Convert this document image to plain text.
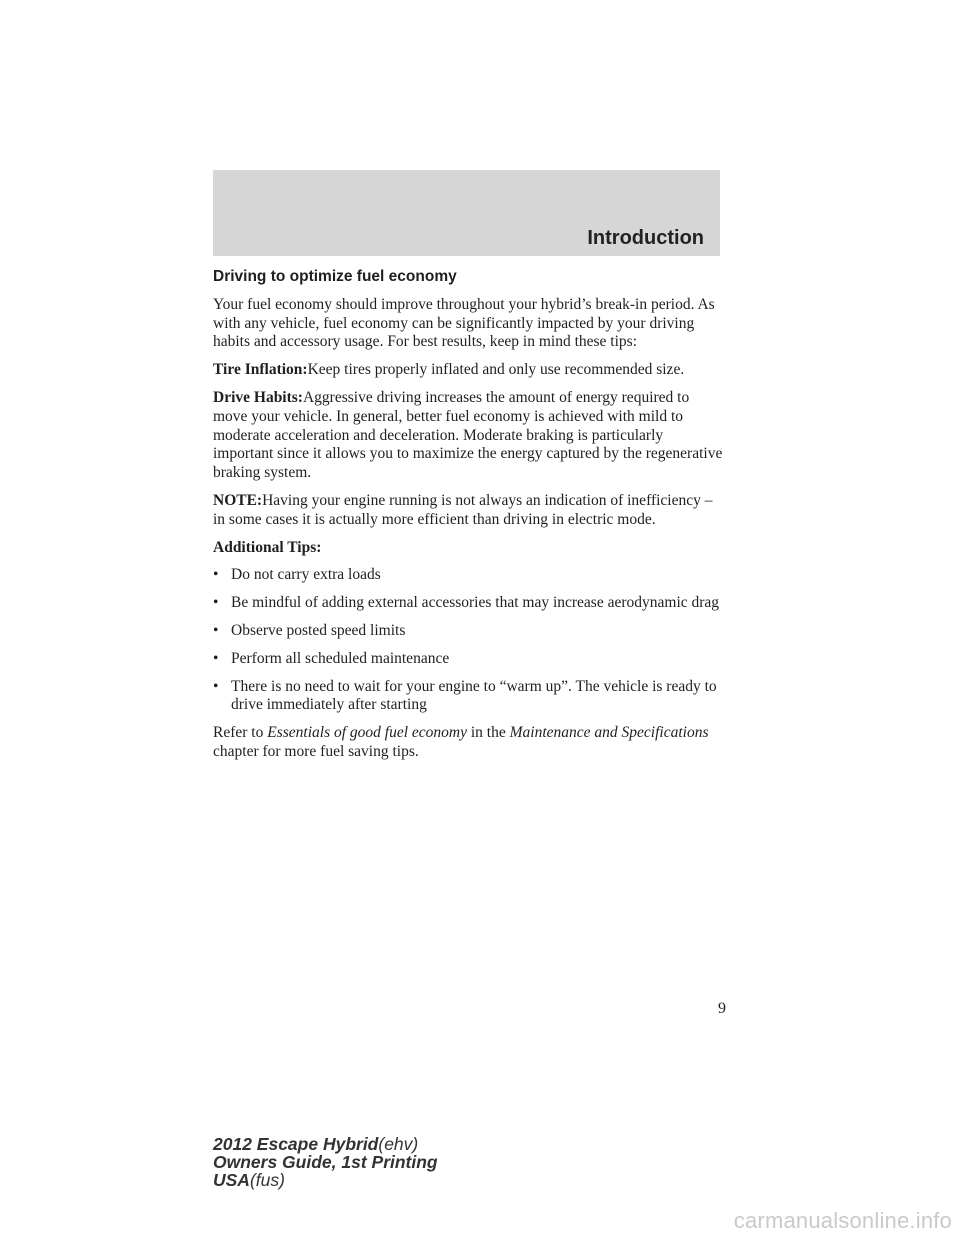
Introduction
Driving to optimize fuel economy
Your fuel economy should improve throughout your hybrid’s break-in period. As with any vehicle, fuel economy can be significantly impacted by your driving habits and accessory usage. For best results, keep in mind these tips:
Tire Inflation:Keep tires properly inflated and only use recommended size.
Drive Habits:Aggressive driving increases the amount of energy required to move your vehicle. In general, better fuel economy is achieved with mild to moderate acceleration and deceleration. Moderate braking is particularly important since it allows you to maximize the energy captured by the regenerative braking system.
NOTE:Having your engine running is not always an indication of inefficiency – in some cases it is actually more efficient than driving in electric mode.
Additional Tips:
• Do not carry extra loads
• Be mindful of adding external accessories that may increase aerodynamic drag
• Observe posted speed limits
• Perform all scheduled maintenance
• There is no need to wait for your engine to “warm up”. The vehicle is ready to drive immediately after starting
Refer to Essentials of good fuel economy in the Maintenance and Specifications chapter for more fuel saving tips.
9
2012 Escape Hybrid(ehv)
Owners Guide, 1st Printing
USA(fus)
carmanualsonline.info
